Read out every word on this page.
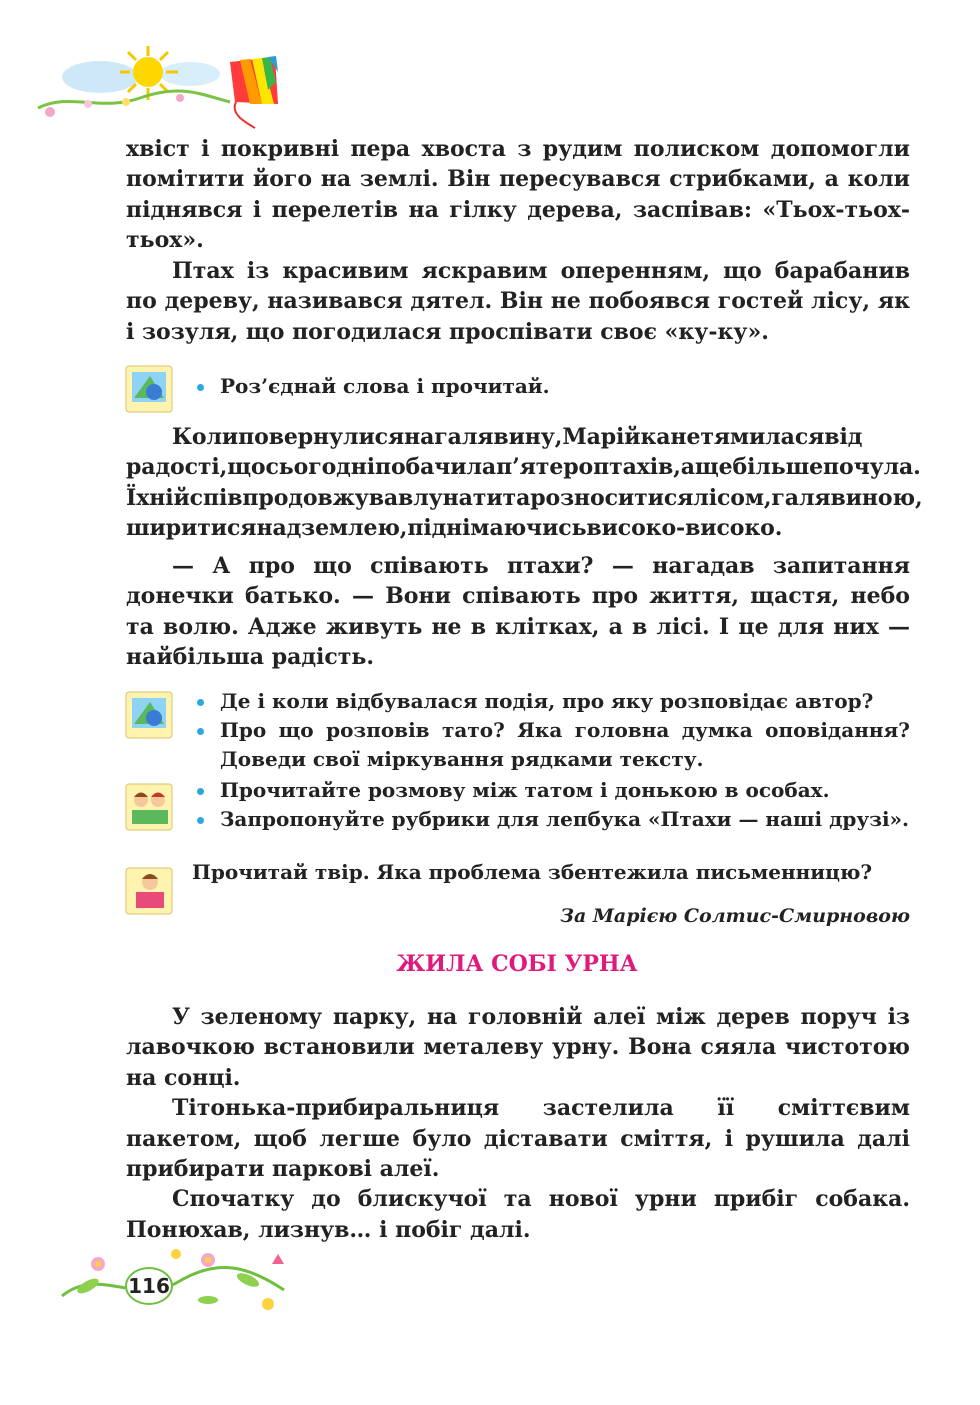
хвіст і покривні пера хвоста з рудим полиском допомогли помітити його на землі. Він пересувався стрибками, а коли піднявся і перелетів на гілку дерева, заспівав: «Тьох-тьох-тьох».

Птах із красивим яскравим оперенням, що барабанив по дереву, називався дятел. Він не побоявся гостей лісу, як і зозуля, що погодилася проспівати своє «ку-ку».

Роз’єднай слова і прочитай.

Колиповернулисянагалявину,Марійканетямиласявід

радості,щосьогодніпобачилап’ятероптахів,ащебільшепочула.

Їхнійспівпродовжувавлунатитарозноситисялісом,галявиною,

ширитисянадземлею,піднімаючисьвисоко-високо.

— А про що співають птахи? — нагадав запитання донечки батько. — Вони співають про життя, щастя, небо та волю. Адже живуть не в клітках, а в лісі. І це для них — найбільша радість.

Де і коли відбувалася подія, про яку розповідає автор?
Про що розповів тато? Яка головна думка оповідання? Доведи свої міркування рядками тексту.
Прочитайте розмову між татом і донькою в особах.
Запропонуйте рубрики для лепбука «Птахи — наші друзі».
Прочитай твір. Яка проблема збентежила письменницю?
За Марією Солтис-Смирновою
ЖИЛА СОБІ УРНА

У зеленому парку, на головній алеї між дерев поруч із лавочкою встановили металеву урну. Вона сяяла чистотою на сонці.

Тітонька-прибиральниця застелила її сміттєвим пакетом, щоб легше було діставати сміття, і рушила далі прибирати паркові алеї.

Спочатку до блискучої та нової урни прибіг собака. Понюхав, лизнув… і побіг далі.

116
